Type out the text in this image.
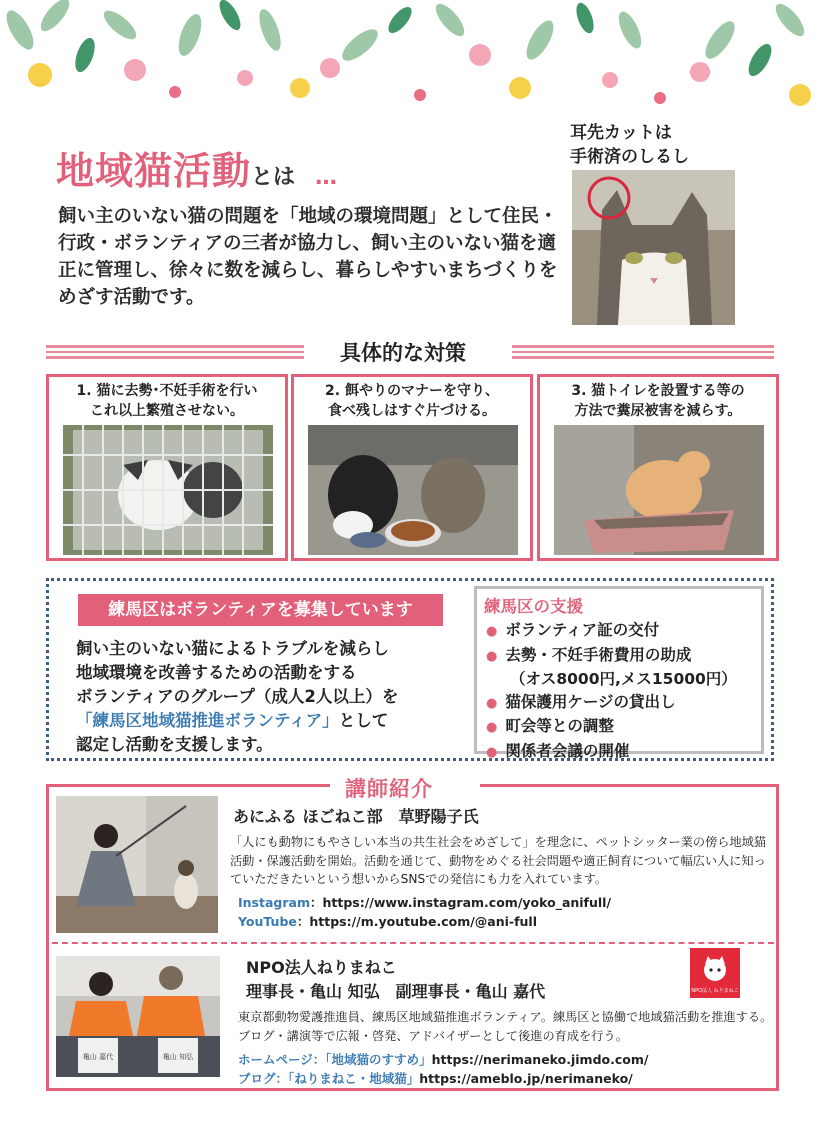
地域猫活動とは …
飼い主のいない猫の問題を「地域の環境問題」として住民・行政・ボランティアの三者が協力し、飼い主のいない猫を適正に管理し、徐々に数を減らし、暮らしやすいまちづくりをめざす活動です。
耳先カットは
手術済のしるし
具体的な対策
1. 猫に去勢･不妊手術を行い
これ以上繁殖させない。
2. 餌やりのマナーを守り、
食べ残しはすぐ片づける。
3. 猫トイレを設置する等の
方法で糞尿被害を減らす。
練馬区はボランティアを募集しています
飼い主のいない猫によるトラブルを減らし
地域環境を改善するための活動をする
ボランティアのグループ（成人2人以上）を
「練馬区地域猫推進ボランティア」として
認定し活動を支援します。
練馬区の支援
● ボランティア証の交付
● 去勢・不妊手術費用の助成
（オス8000円,メス15000円）
● 猫保護用ケージの貸出し
● 町会等との調整
● 関係者会議の開催
講師紹介
あにふる ほごねこ部　草野陽子氏
「人にも動物にもやさしい本当の共生社会をめざして」を理念に、ペットシッター業の傍ら地域猫活動・保護活動を開始。活動を通じて、動物をめぐる社会問題や適正飼育について幅広い人に知っていただきたいという想いからSNSでの発信にも力を入れています。
Instagram：https://www.instagram.com/yoko_anifull/
YouTube：https://m.youtube.com/@ani-full
亀山 嘉代	亀山 知弘
NPO法人ねりまねこ
理事長・亀山 知弘　副理事長・亀山 嘉代	NPO法人 ねりまねこ
東京都動物愛護推進員、練馬区地域猫推進ボランティア。練馬区と協働で地域猫活動を推進する。ブログ・講演等で広報・啓発、アドバイザーとして後進の育成を行う。
ホームページ：「地域猫のすすめ」https://nerimaneko.jimdo.com/
ブログ：「ねりまねこ・地域猫」https://ameblo.jp/nerimaneko/
